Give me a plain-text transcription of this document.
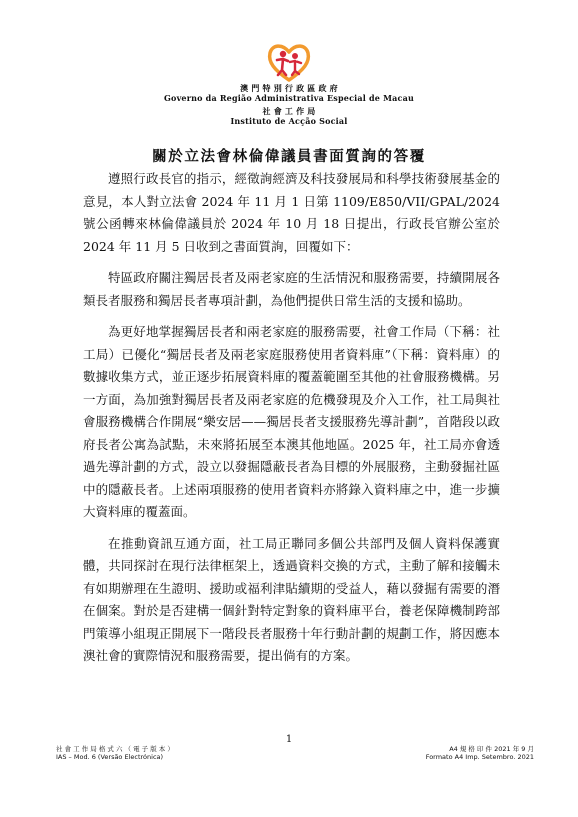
澳 門 特 別 行 政 區 政 府
Governo da Região Administrativa Especial de Macau
社 會 工 作 局
Instituto de Acção Social
關於立法會林倫偉議員書面質詢的答覆

遵照行政長官的指示，經徵詢經濟及科技發展局和科學技術發展基金的意見，本人對立法會 2024 年 11 月 1 日第 1109/E850/VII/GPAL/2024 號公函轉來林倫偉議員於 2024 年 10 月 18 日提出，行政長官辦公室於 2024 年 11 月 5 日收到之書面質詢，回覆如下：

特區政府關注獨居長者及兩老家庭的生活情況和服務需要，持續開展各類長者服務和獨居長者專項計劃，為他們提供日常生活的支援和協助。

為更好地掌握獨居長者和兩老家庭的服務需要，社會工作局（下稱：社工局）已優化“獨居長者及兩老家庭服務使用者資料庫”（下稱：資料庫）的數據收集方式，並正逐步拓展資料庫的覆蓋範圍至其他的社會服務機構。另一方面，為加強對獨居長者及兩老家庭的危機發現及介入工作，社工局與社會服務機構合作開展“樂安居——獨居長者支援服務先導計劃”，首階段以政府長者公寓為試點，未來將拓展至本澳其他地區。2025 年，社工局亦會透過先導計劃的方式，設立以發掘隱蔽長者為目標的外展服務，主動發掘社區中的隱蔽長者。上述兩項服務的使用者資料亦將錄入資料庫之中，進一步擴大資料庫的覆蓋面。

在推動資訊互通方面，社工局正聯同多個公共部門及個人資料保護實體，共同探討在現行法律框架上，透過資料交換的方式，主動了解和接觸未有如期辦理在生證明、援助或福利津貼續期的受益人，藉以發掘有需要的潛在個案。對於是否建構一個針對特定對象的資料庫平台，養老保障機制跨部門策導小組現正開展下一階段長者服務十年行動計劃的規劃工作，將因應本澳社會的實際情況和服務需要，提出倘有的方案。

1
社 會 工 作 局 格 式 六 （ 電 子 版 本 ）
IAS – Mod. 6 (Versão Electrónica)
A4 規 格 印 件 2021 年 9 月
Formato A4 Imp. Setembro. 2021
